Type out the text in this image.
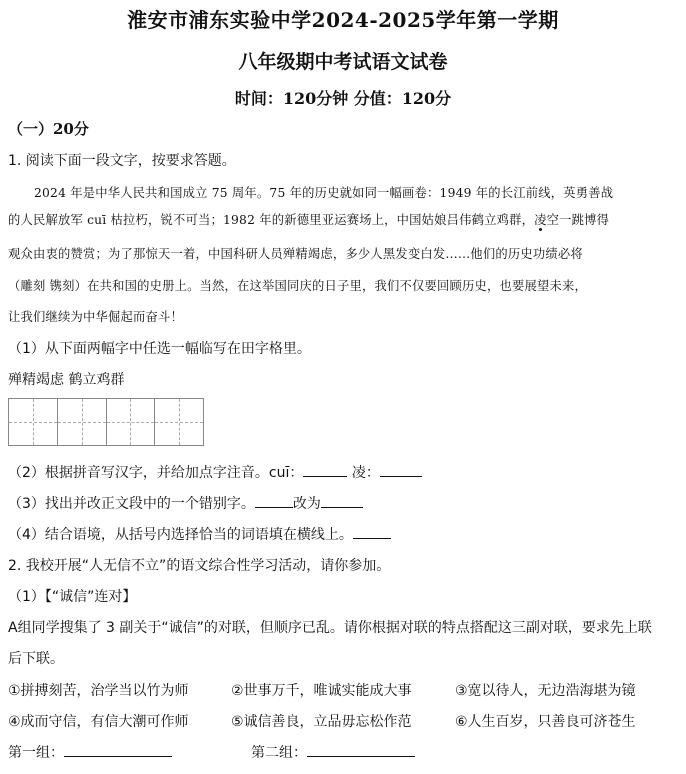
淮安市浦东实验中学2024-2025学年第一学期
八年级期中考试语文试卷
时间：120分钟 分值：120分
（一）20分
1. 阅读下面一段文字，按要求答题。
2024 年是中华人民共和国成立 75 周年。75 年的历史就如同一幅画卷：1949 年的长江前线，英勇善战
的人民解放军 cuī 枯拉朽，锐不可当；1982 年的新德里亚运赛场上，中国姑娘吕伟鹤立鸡群，凌空一跳博得
观众由衷的赞赏；为了那惊天一着，中国科研人员殚精竭虑，多少人黑发变白发……他们的历史功绩必将
（雕刻 镌刻）在共和国的史册上。当然，在这举国同庆的日子里，我们不仅要回顾历史，也要展望未来，
让我们继续为中华倔起而奋斗！
（1）从下面两幅字中任选一幅临写在田字格里。
殚精竭虑 鹤立鸡群
（2）根据拼音写汉字，并给加点字注音。cuī：	凌：
（3）找出并改正文段中的一个错别字。	改为
（4）结合语境，从括号内选择恰当的词语填在横线上。
2. 我校开展“人无信不立”的语文综合性学习活动，请你参加。
（1）【“诚信”连对】
A组同学搜集了 3 副关于“诚信”的对联，但顺序已乱。请你根据对联的特点搭配这三副对联，要求先上联
后下联。
①拼搏刻苦，治学当以竹为师	②世事万千，唯诚实能成大事	③宽以待人，无边浩海堪为镜
④成而守信，有信大潮可作师	⑤诚信善良，立品毋忘松作范	⑥人生百岁，只善良可济苍生
第一组：	第二组：
